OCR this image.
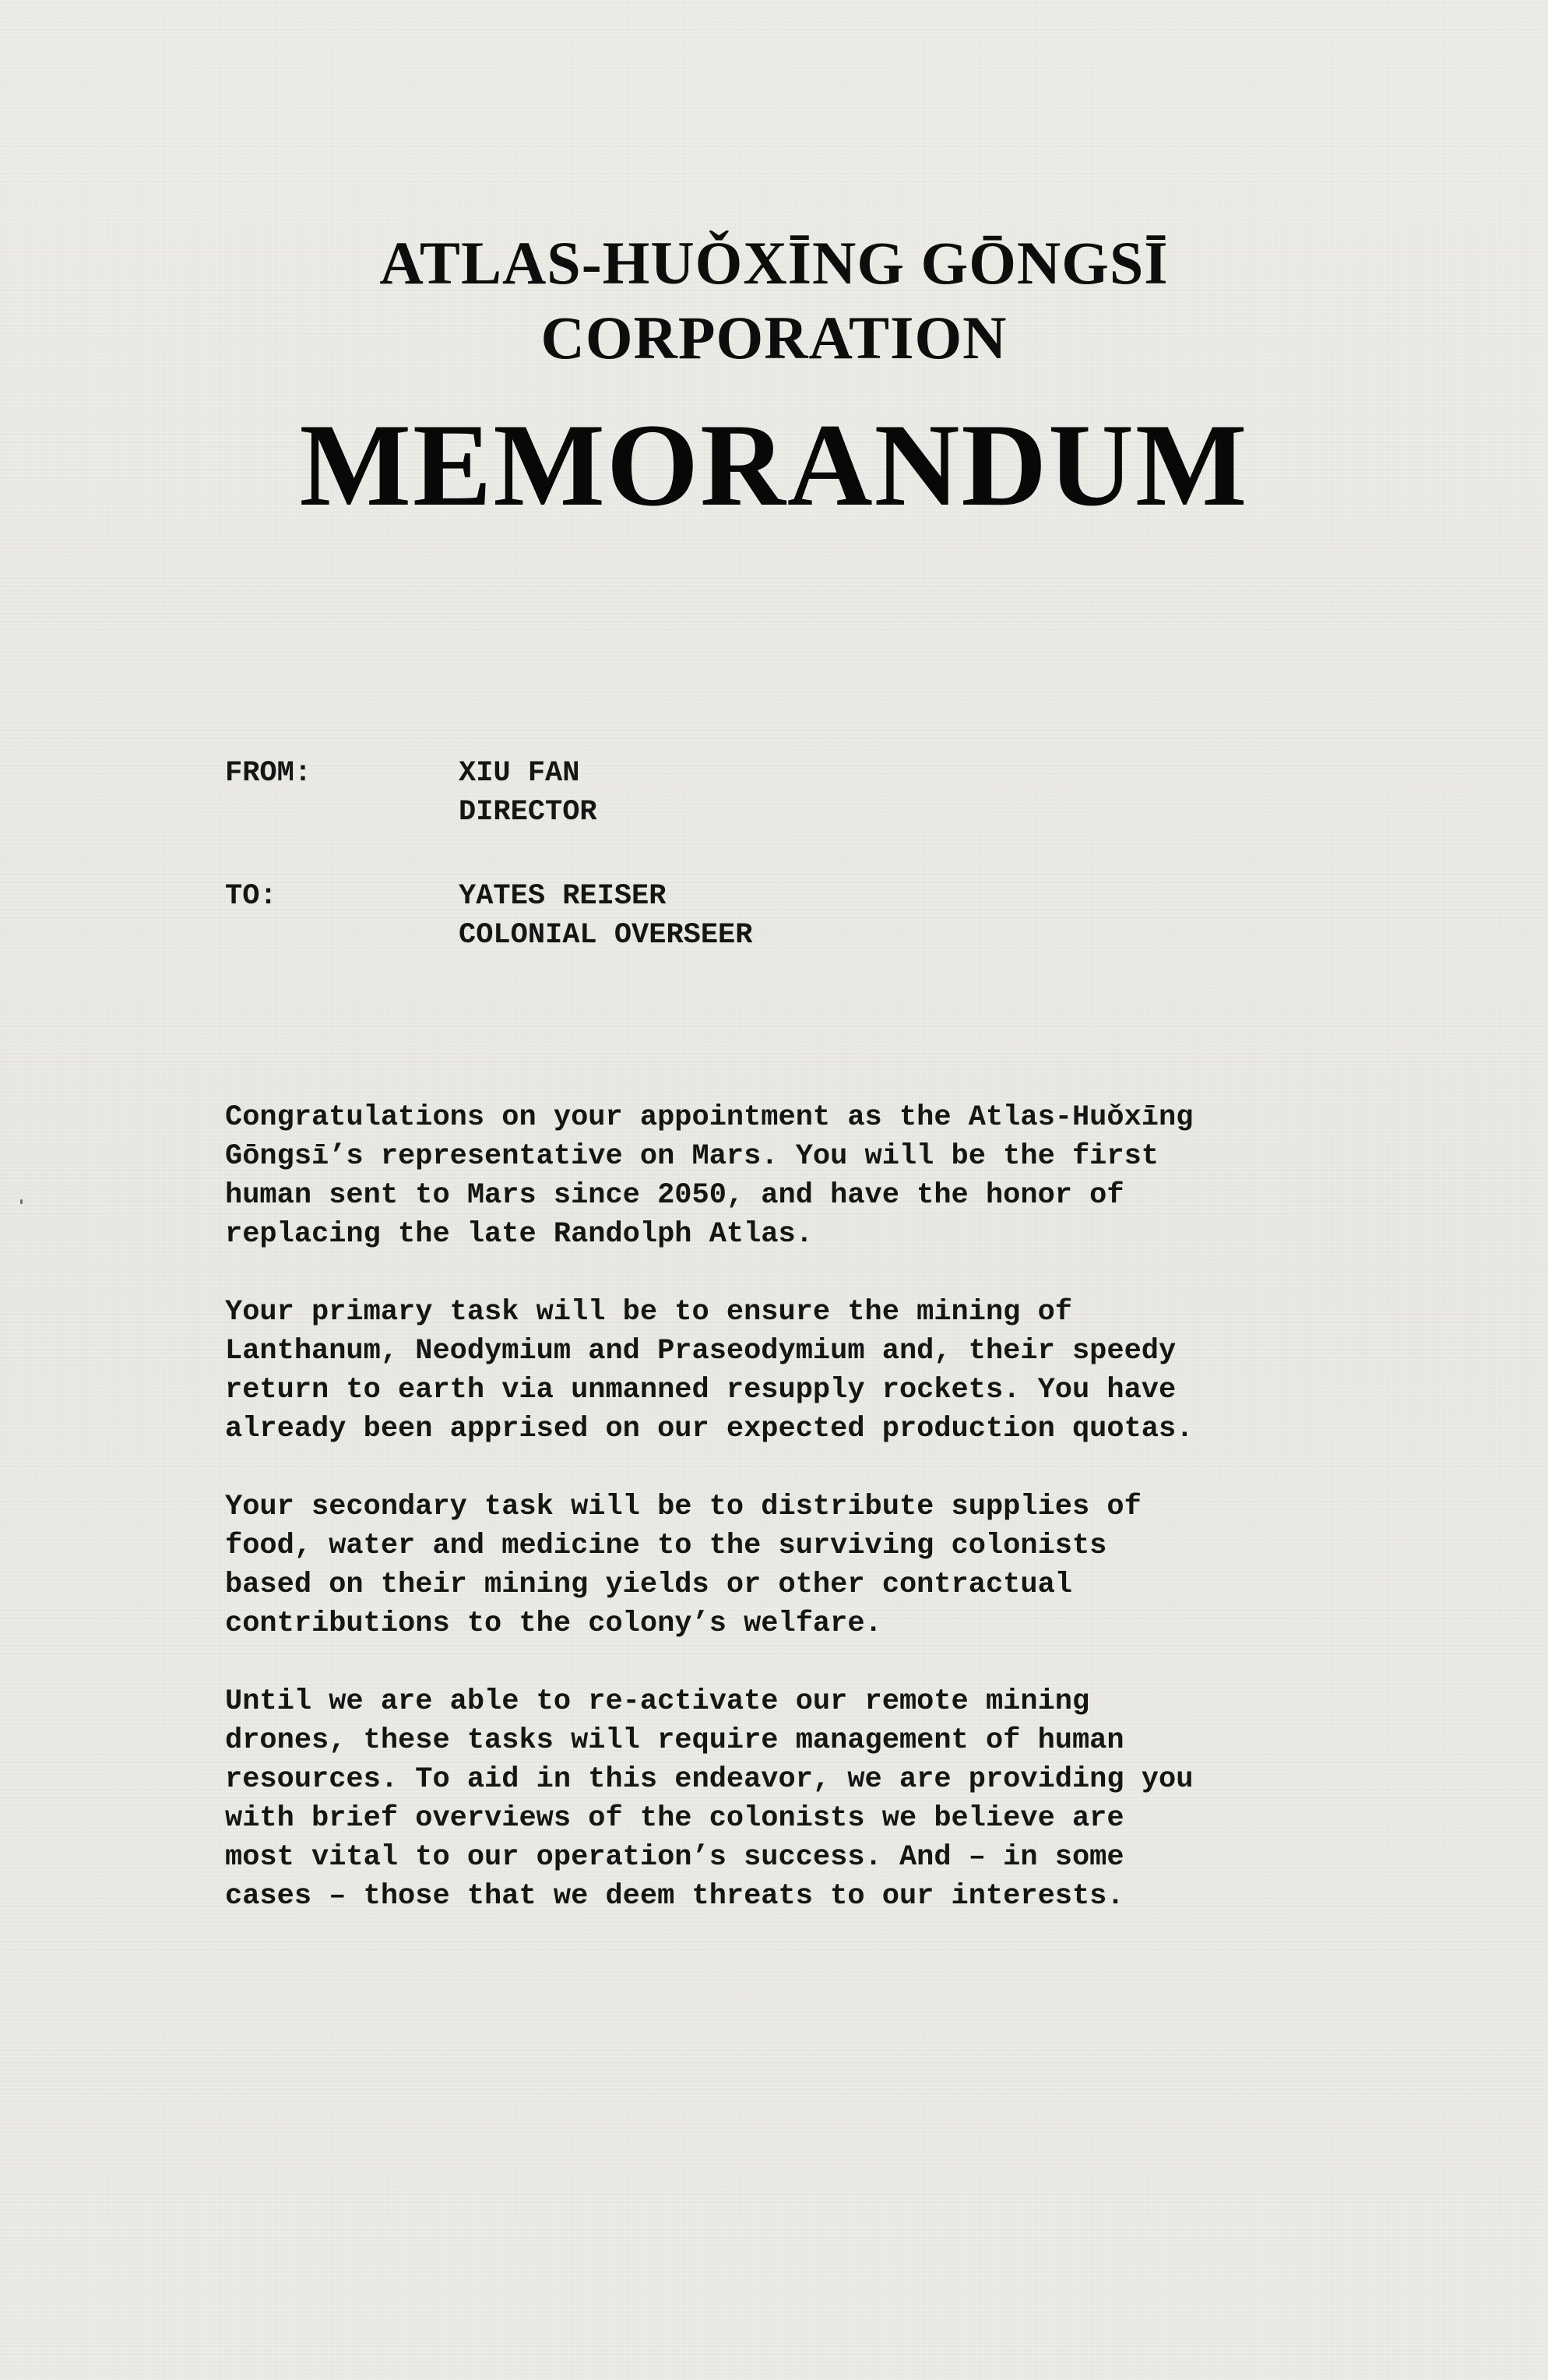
ATLAS-HUǑXĪNG GŌNGSĪ
CORPORATION
MEMORANDUM
FROM:	XIU FAN
DIRECTOR
TO:	YATES REISER
COLONIAL OVERSEER

Congratulations on your appointment as the Atlas-Huǒxīng
Gōngsī’s representative on Mars. You will be the first
human sent to Mars since 2050, and have the honor of
replacing the late Randolph Atlas.

Your primary task will be to ensure the mining of
Lanthanum, Neodymium and Praseodymium and, their speedy
return to earth via unmanned resupply rockets. You have
already been apprised on our expected production quotas.

Your secondary task will be to distribute supplies of
food, water and medicine to the surviving colonists
based on their mining yields or other contractual
contributions to the colony’s welfare.

Until we are able to re-activate our remote mining
drones, these tasks will require management of human
resources. To aid in this endeavor, we are providing you
with brief overviews of the colonists we believe are
most vital to our operation’s success. And – in some
cases – those that we deem threats to our interests.
